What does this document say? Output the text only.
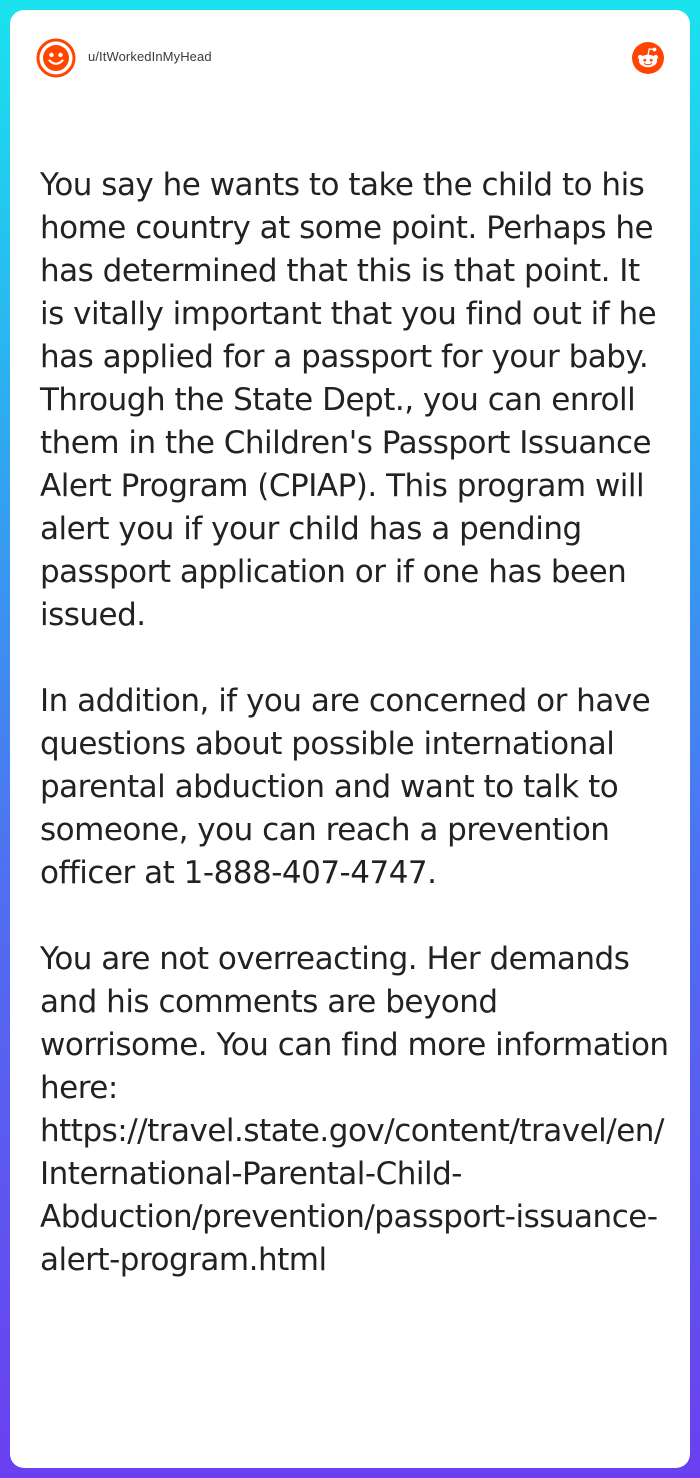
u/ItWorkedInMyHead

You say he wants to take the child to his home country at some point. Perhaps he has determined that this is that point. It is vitally important that you find out if he has applied for a passport for your baby. Through the State Dept., you can enroll them in the Children's Passport Issuance Alert Program (CPIAP). This program will alert you if your child has a pending passport application or if one has been issued.

In addition, if you are concerned or have questions about possible international parental abduction and want to talk to someone, you can reach a prevention officer at 1-888-407-4747.

You are not overreacting. Her demands and his comments are beyond worrisome. You can find more information here: https://travel.state.gov/content/travel/en/International-Parental-Child-Abduction/prevention/passport-issuance-alert-program.html
